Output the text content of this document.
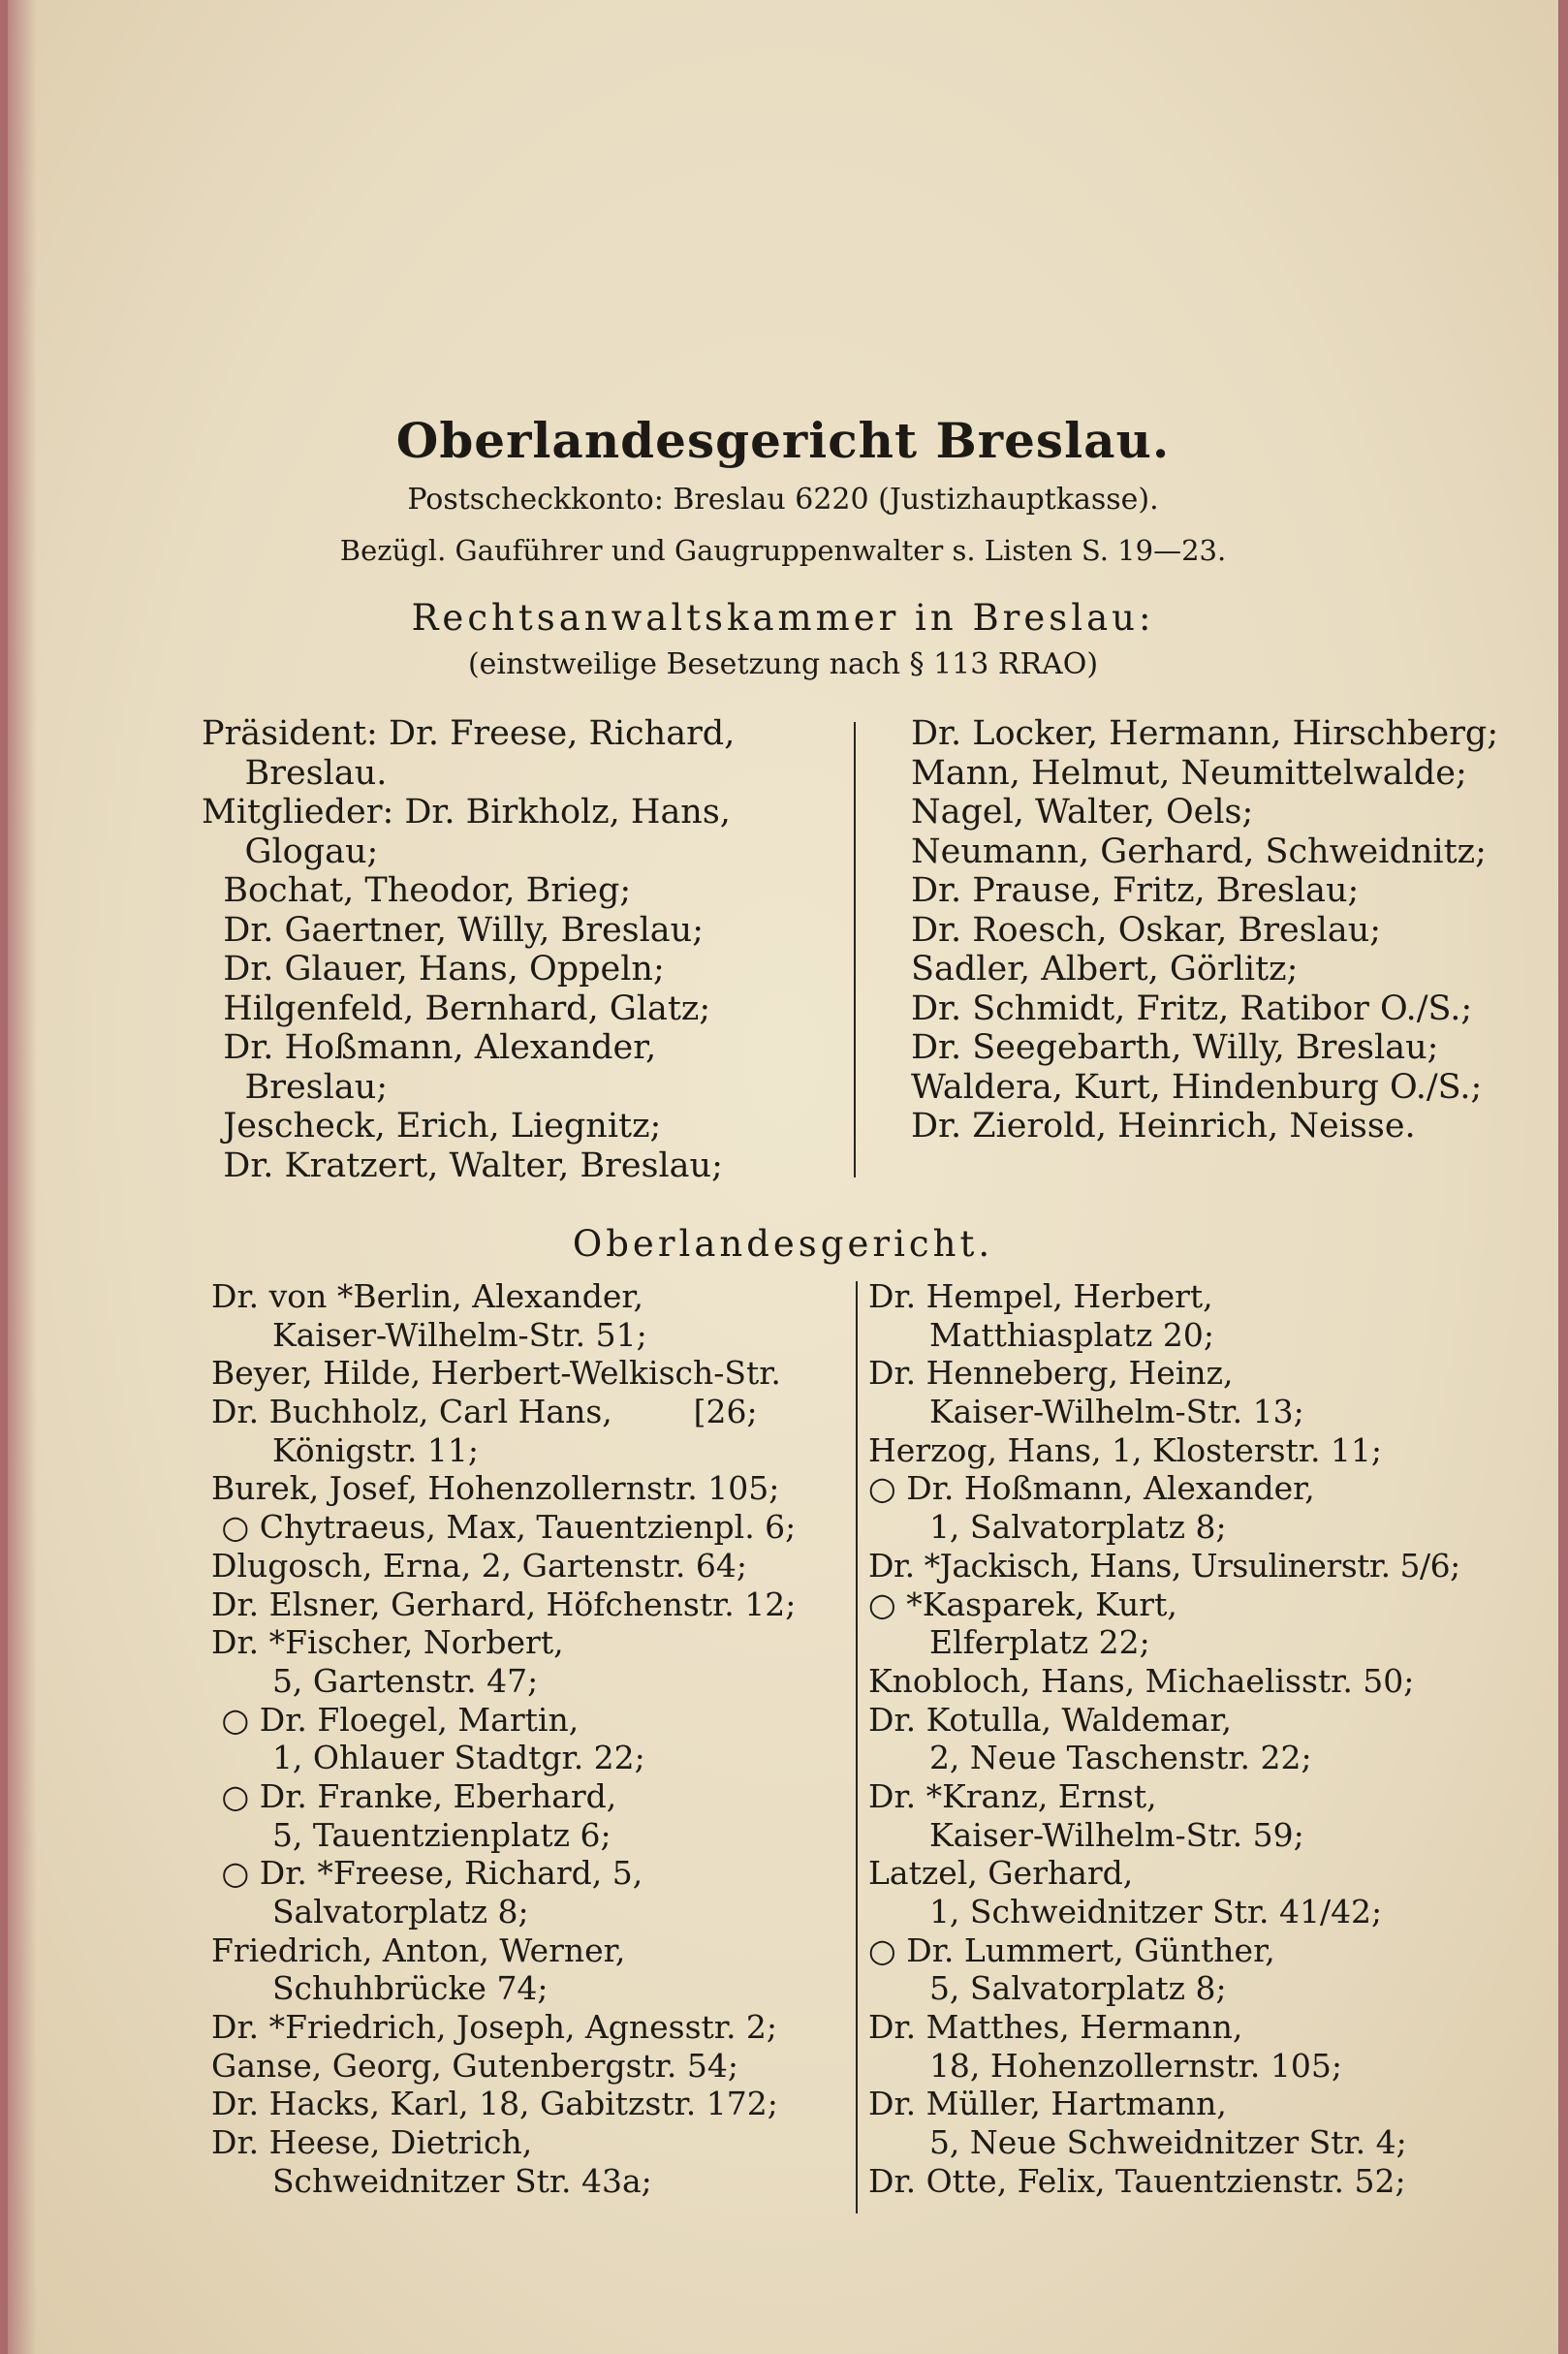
Oberlandesgericht Breslau.
Postscheckkonto: Breslau 6220 (Justizhauptkasse).
Bezügl. Gauführer und Gaugruppenwalter s. Listen S. 19—23.
Rechtsanwaltskammer in Breslau:
(einstweilige Besetzung nach § 113 RRAO)
Präsident: Dr. Freese, Richard,
Breslau.
Mitglieder: Dr. Birkholz, Hans,
Glogau;
Bochat, Theodor, Brieg;
Dr. Gaertner, Willy, Breslau;
Dr. Glauer, Hans, Oppeln;
Hilgenfeld, Bernhard, Glatz;
Dr. Hoßmann, Alexander,
Breslau;
Jescheck, Erich, Liegnitz;
Dr. Kratzert, Walter, Breslau;
Dr. Locker, Hermann, Hirschberg;
Mann, Helmut, Neumittelwalde;
Nagel, Walter, Oels;
Neumann, Gerhard, Schweidnitz;
Dr. Prause, Fritz, Breslau;
Dr. Roesch, Oskar, Breslau;
Sadler, Albert, Görlitz;
Dr. Schmidt, Fritz, Ratibor O./S.;
Dr. Seegebarth, Willy, Breslau;
Waldera, Kurt, Hindenburg O./S.;
Dr. Zierold, Heinrich, Neisse.
Oberlandesgericht.
Dr. von *Berlin, Alexander,
Kaiser-Wilhelm-Str. 51;
Beyer, Hilde, Herbert-Welkisch-Str.
Dr. Buchholz, Carl Hans,        [26;
Königstr. 11;
Burek, Josef, Hohenzollernstr. 105;
○ Chytraeus, Max, Tauentzienpl. 6;
Dlugosch, Erna, 2, Gartenstr. 64;
Dr. Elsner, Gerhard, Höfchenstr. 12;
Dr. *Fischer, Norbert,
5, Gartenstr. 47;
○ Dr. Floegel, Martin,
1, Ohlauer Stadtgr. 22;
○ Dr. Franke, Eberhard,
5, Tauentzienplatz 6;
○ Dr. *Freese, Richard, 5,
Salvatorplatz 8;
Friedrich, Anton, Werner,
Schuhbrücke 74;
Dr. *Friedrich, Joseph, Agnesstr. 2;
Ganse, Georg, Gutenbergstr. 54;
Dr. Hacks, Karl, 18, Gabitzstr. 172;
Dr. Heese, Dietrich,
Schweidnitzer Str. 43a;
Dr. Hempel, Herbert,
Matthiasplatz 20;
Dr. Henneberg, Heinz,
Kaiser-Wilhelm-Str. 13;
Herzog, Hans, 1, Klosterstr. 11;
○ Dr. Hoßmann, Alexander,
1, Salvatorplatz 8;
Dr. *Jackisch, Hans, Ursulinerstr. 5/6;
○ *Kasparek, Kurt,
Elferplatz 22;
Knobloch, Hans, Michaelisstr. 50;
Dr. Kotulla, Waldemar,
2, Neue Taschenstr. 22;
Dr. *Kranz, Ernst,
Kaiser-Wilhelm-Str. 59;
Latzel, Gerhard,
1, Schweidnitzer Str. 41/42;
○ Dr. Lummert, Günther,
5, Salvatorplatz 8;
Dr. Matthes, Hermann,
18, Hohenzollernstr. 105;
Dr. Müller, Hartmann,
5, Neue Schweidnitzer Str. 4;
Dr. Otte, Felix, Tauentzienstr. 52;
